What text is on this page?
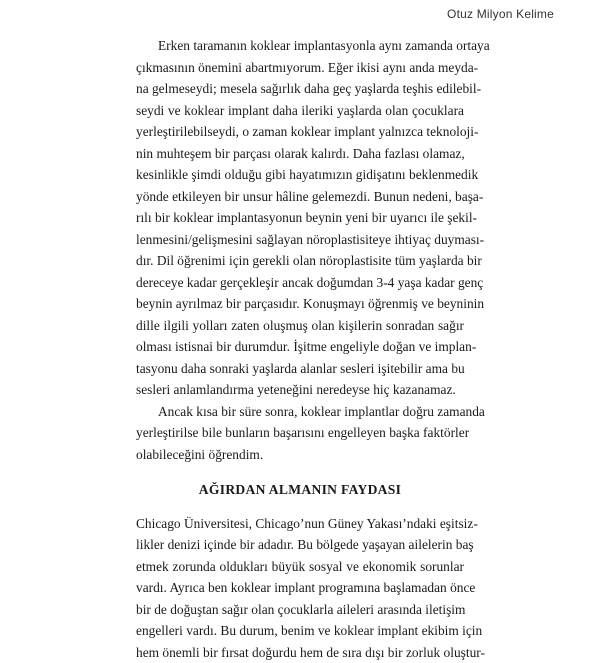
Otuz Milyon Kelime
Erken taramanın koklear implantasyonla aynı zamanda ortaya
çıkmasının önemini abartmıyorum. Eğer ikisi aynı anda meyda-
na gelmeseydi; mesela sağırlık daha geç yaşlarda teşhis edilebil-
seydi ve koklear implant daha ileriki yaşlarda olan çocuklara
yerleştirilebilseydi, o zaman koklear implant yalnızca teknoloji-
nin muhteşem bir parçası olarak kalırdı. Daha fazlası olamaz,
kesinlikle şimdi olduğu gibi hayatımızın gidişatını beklenmedik
yönde etkileyen bir unsur hâline gelemezdi. Bunun nedeni, başa-
rılı bir koklear implantasyonun beynin yeni bir uyarıcı ile şekil-
lenmesini/gelişmesini sağlayan nöroplastisiteye ihtiyaç duyması-
dır. Dil öğrenimi için gerekli olan nöroplastisite tüm yaşlarda bir
dereceye kadar gerçekleşir ancak doğumdan 3-4 yaşa kadar genç
beynin ayrılmaz bir parçasıdır. Konuşmayı öğrenmiş ve beyninin
dille ilgili yolları zaten oluşmuş olan kişilerin sonradan sağır
olması istisnai bir durumdur. İşitme engeliyle doğan ve implan-
tasyonu daha sonraki yaşlarda alanlar sesleri işitebilir ama bu
sesleri anlamlandırma yeteneğini neredeyse hiç kazanamaz.
Ancak kısa bir süre sonra, koklear implantlar doğru zamanda
yerleştirilse bile bunların başarısını engelleyen başka faktörler
olabileceğini öğrendim.
AĞIRDAN ALMANIN FAYDASI
Chicago Üniversitesi, Chicago’nun Güney Yakası’ndaki eşitsiz-
likler denizi içinde bir adadır. Bu bölgede yaşayan ailelerin baş
etmek zorunda oldukları büyük sosyal ve ekonomik sorunlar
vardı. Ayrıca ben koklear implant programına başlamadan önce
bir de doğuştan sağır olan çocuklarla aileleri arasında iletişim
engelleri vardı. Bu durum, benim ve koklear implant ekibim için
hem önemli bir fırsat doğurdu hem de sıra dışı bir zorluk oluştur-
